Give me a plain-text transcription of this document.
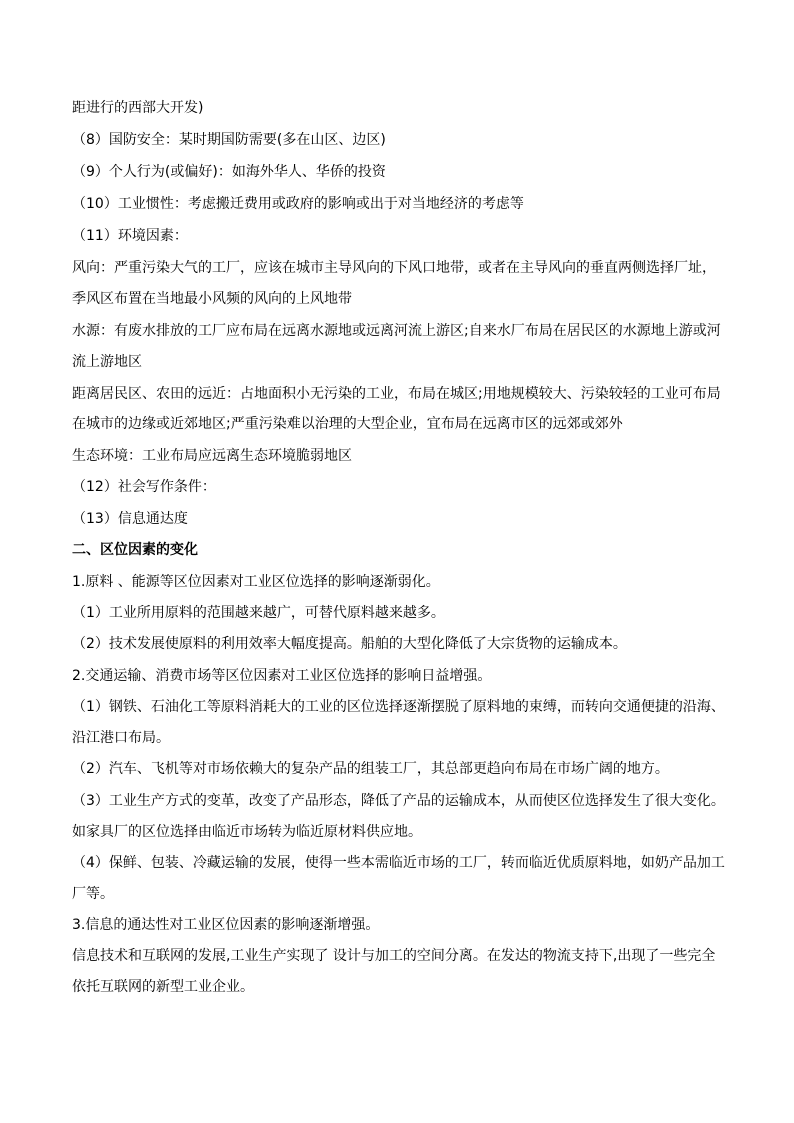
距进行的西部大开发)
（8）国防安全：某时期国防需要(多在山区、边区)
（9）个人行为(或偏好)：如海外华人、华侨的投资
（10）工业惯性：考虑搬迁费用或政府的影响或出于对当地经济的考虑等
（11）环境因素：
风向：严重污染大气的工厂，应该在城市主导风向的下风口地带，或者在主导风向的垂直两侧选择厂址，
季风区布置在当地最小风频的风向的上风地带
水源：有废水排放的工厂应布局在远离水源地或远离河流上游区;自来水厂布局在居民区的水源地上游或河
流上游地区
距离居民区、农田的远近：占地面积小无污染的工业，布局在城区;用地规模较大、污染较轻的工业可布局
在城市的边缘或近郊地区;严重污染难以治理的大型企业，宜布局在远离市区的远郊或郊外
生态环境：工业布局应远离生态环境脆弱地区
（12）社会写作条件：
（13）信息通达度
二、区位因素的变化
1.原料 、能源等区位因素对工业区位选择的影响逐渐弱化。
（1）工业所用原料的范围越来越广，可替代原料越来越多。
（2）技术发展使原料的利用效率大幅度提高。船舶的大型化降低了大宗货物的运输成本。
2.交通运输、消费市场等区位因素对工业区位选择的影响日益增强。
（1）钢铁、石油化工等原料消耗大的工业的区位选择逐渐摆脱了原料地的束缚，而转向交通便捷的沿海、
沿江港口布局。
（2）汽车、飞机等对市场依赖大的复杂产品的组装工厂，其总部更趋向布局在市场广阔的地方。
（3）工业生产方式的变革，改变了产品形态，降低了产品的运输成本，从而使区位选择发生了很大变化。
如家具厂的区位选择由临近市场转为临近原材料供应地。
（4）保鲜、包装、冷藏运输的发展，使得一些本需临近市场的工厂，转而临近优质原料地，如奶产品加工
厂等。
3.信息的通达性对工业区位因素的影响逐渐增强。
信息技术和互联网的发展,工业生产实现了 设计与加工的空间分离。在发达的物流支持下,出现了一些完全
依托互联网的新型工业企业。
